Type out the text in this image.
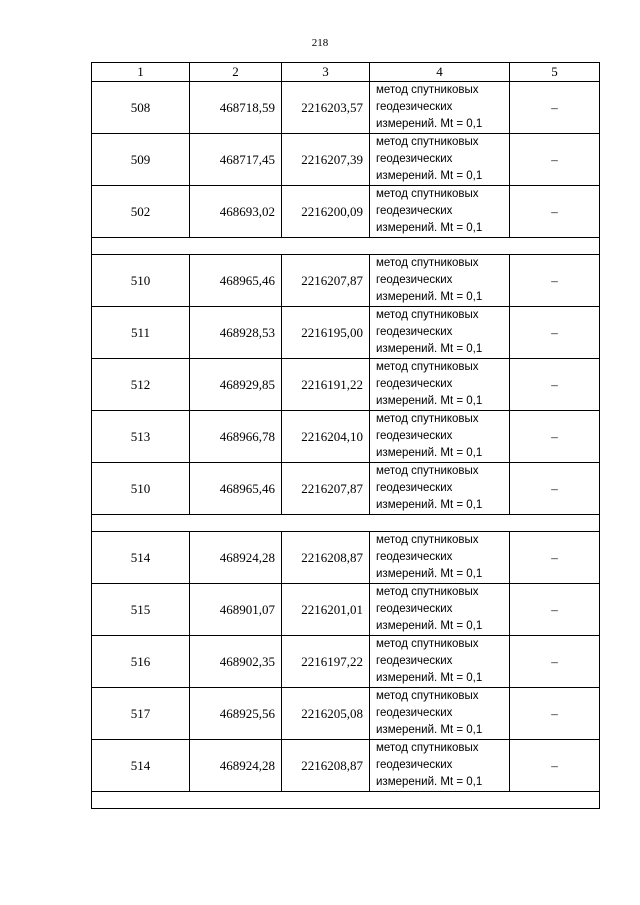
218
1	2	3	4	5
508	468718,59	2216203,57	метод спутниковых
геодезических
измерений. Mt = 0,1	–
509	468717,45	2216207,39	метод спутниковых
геодезических
измерений. Mt = 0,1	–
502	468693,02	2216200,09	метод спутниковых
геодезических
измерений. Mt = 0,1	–

510	468965,46	2216207,87	метод спутниковых
геодезических
измерений. Mt = 0,1	–
511	468928,53	2216195,00	метод спутниковых
геодезических
измерений. Mt = 0,1	–
512	468929,85	2216191,22	метод спутниковых
геодезических
измерений. Mt = 0,1	–
513	468966,78	2216204,10	метод спутниковых
геодезических
измерений. Mt = 0,1	–
510	468965,46	2216207,87	метод спутниковых
геодезических
измерений. Mt = 0,1	–

514	468924,28	2216208,87	метод спутниковых
геодезических
измерений. Mt = 0,1	–
515	468901,07	2216201,01	метод спутниковых
геодезических
измерений. Mt = 0,1	–
516	468902,35	2216197,22	метод спутниковых
геодезических
измерений. Mt = 0,1	–
517	468925,56	2216205,08	метод спутниковых
геодезических
измерений. Mt = 0,1	–
514	468924,28	2216208,87	метод спутниковых
геодезических
измерений. Mt = 0,1	–
